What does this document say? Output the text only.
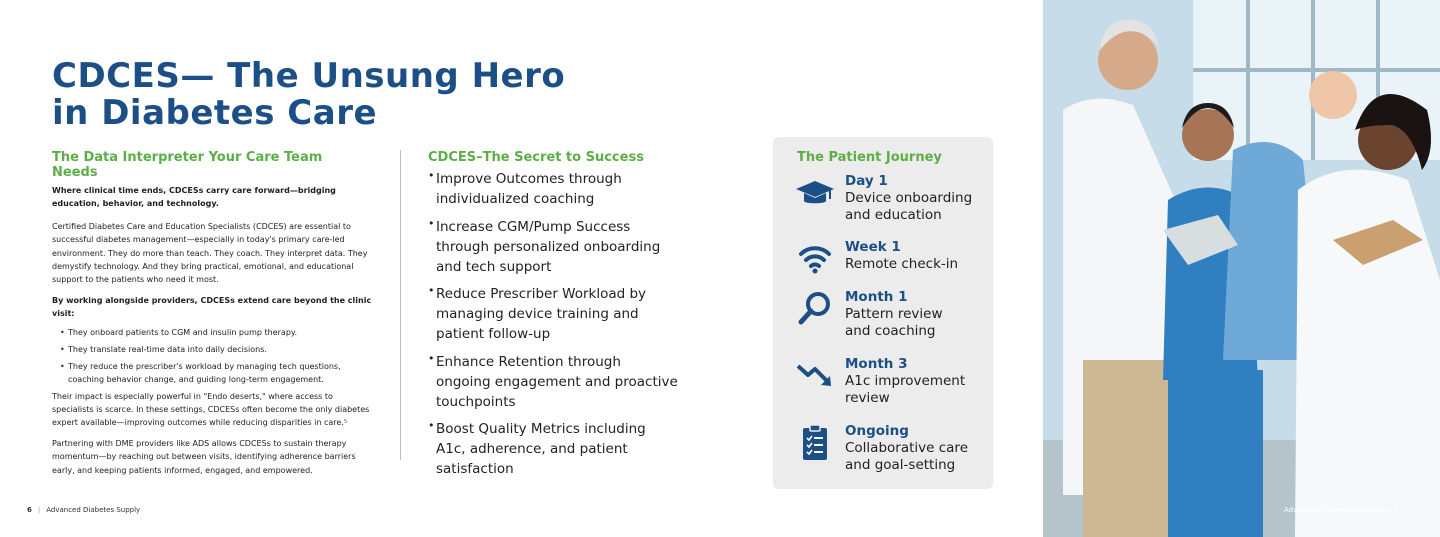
CDCES— The Unsung Hero
in Diabetes Care
The Data Interpreter Your Care Team Needs

Where clinical time ends, CDCESs carry care forward—bridging education, behavior, and technology.

Certified Diabetes Care and Education Specialists (CDCES) are essential to successful diabetes management—especially in today's primary care-led environment. They do more than teach. They coach. They interpret data. They demystify technology. And they bring practical, emotional, and educational support to the patients who need it most.

By working alongside providers, CDCESs extend care beyond the clinic visit:

• They onboard patients to CGM and insulin pump therapy.
• They translate real-time data into daily decisions.
• They reduce the prescriber's workload by managing tech questions, coaching behavior change, and guiding long-term engagement.

Their impact is especially powerful in "Endo deserts," where access to specialists is scarce. In these settings, CDCESs often become the only diabetes expert available—improving outcomes while reducing disparities in care.⁵

Partnering with DME providers like ADS allows CDCESs to sustain therapy momentum—by reaching out between visits, identifying adherence barriers early, and keeping patients informed, engaged, and empowered.

CDCES–The Secret to Success
• Improve Outcomes through individualized coaching
• Increase CGM/Pump Success through personalized onboarding and tech support
• Reduce Prescriber Workload by managing device training and patient follow-up
• Enhance Retention through ongoing engagement and proactive touchpoints
• Boost Quality Metrics including A1c, adherence, and patient satisfaction
The Patient Journey
Day 1
Device onboarding
and education
Week 1
Remote check-in
Month 1
Pattern review
and coaching
Month 3
A1c improvement
review
Ongoing
Collaborative care
and goal-setting
6 | Advanced Diabetes Supply	AdvancedDiabetesSupply.com | 7
